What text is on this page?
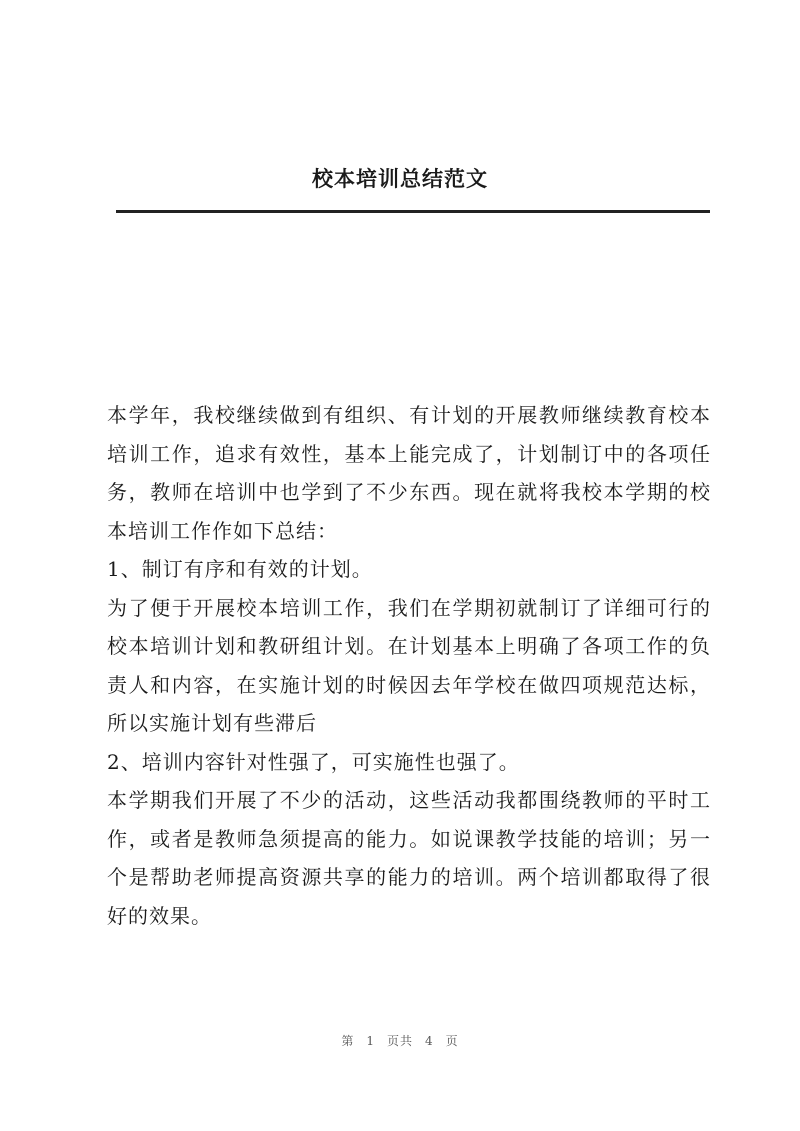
校本培训总结范文

本学年，我校继续做到有组织、有计划的开展教师继续教育校本培训工作，追求有效性，基本上能完成了，计划制订中的各项任务，教师在培训中也学到了不少东西。现在就将我校本学期的校本培训工作作如下总结：

1、制订有序和有效的计划。

为了便于开展校本培训工作，我们在学期初就制订了详细可行的校本培训计划和教研组计划。在计划基本上明确了各项工作的负责人和内容，在实施计划的时候因去年学校在做四项规范达标，所以实施计划有些滞后

2、培训内容针对性强了，可实施性也强了。

本学期我们开展了不少的活动，这些活动我都围绕教师的平时工作，或者是教师急须提高的能力。如说课教学技能的培训；另一个是帮助老师提高资源共享的能力的培训。两个培训都取得了很好的效果。

第 1 页共 4 页
